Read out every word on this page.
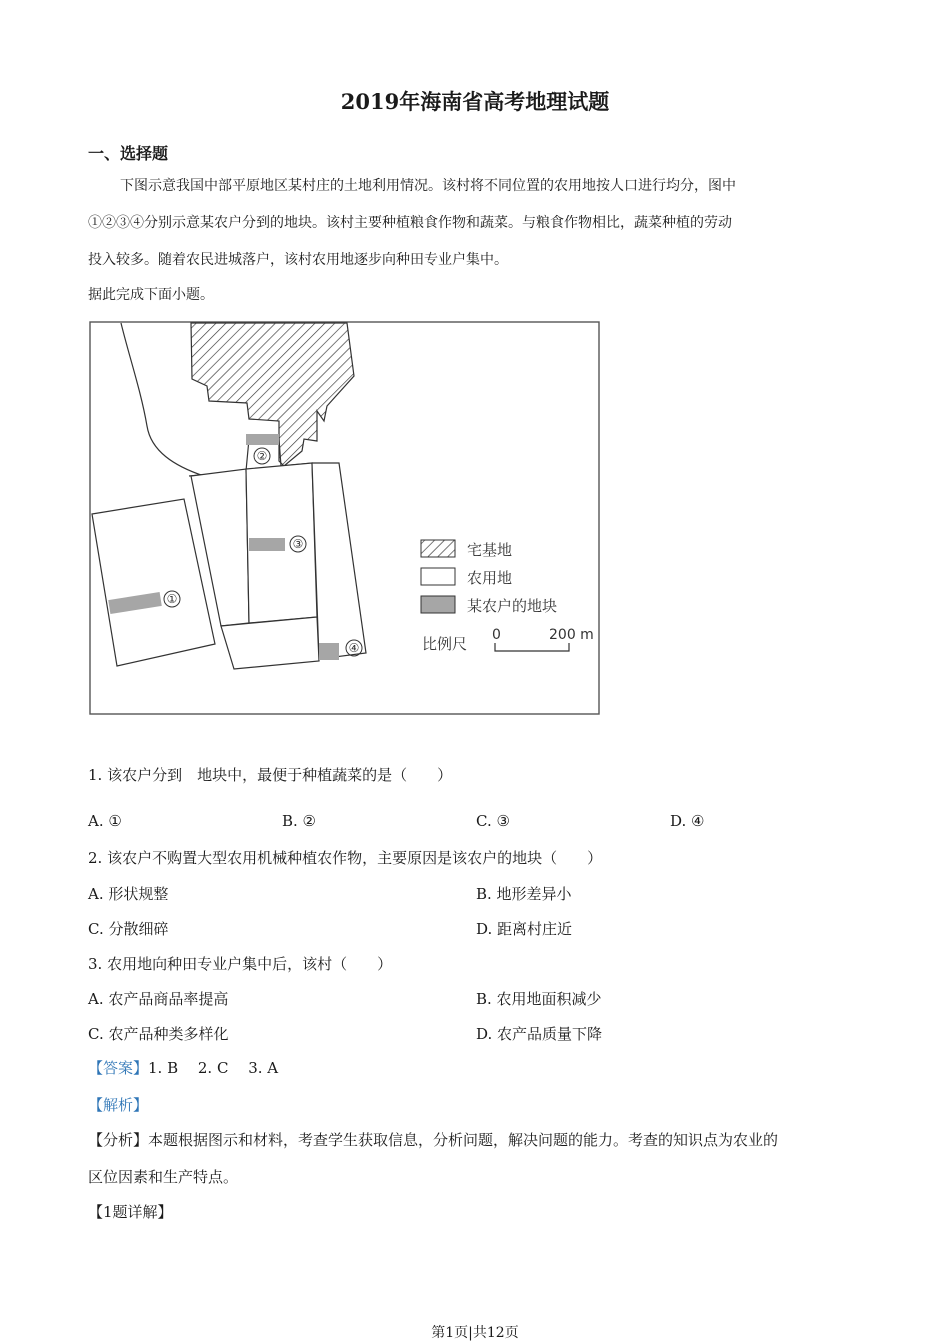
2019年海南省高考地理试题
一、选择题
下图示意我国中部平原地区某村庄的土地利用情况。该村将不同位置的农用地按人口进行均分，图中
①②③④分别示意某农户分到的地块。该村主要种植粮食作物和蔬菜。与粮食作物相比，蔬菜种植的劳动
投入较多。随着农民进城落户，该村农用地逐步向种田专业户集中。
据此完成下面小题。
①
②
③
④
宅基地
农用地
某农户的地块
比例尺 0	200 m
1. 该农户分到　地块中，最便于种植蔬菜的是（　　）
A. ①	B. ②	C. ③	D. ④
2. 该农户不购置大型农用机械种植农作物，主要原因是该农户的地块（　　）
A. 形状规整	B. 地形差异小
C. 分散细碎	D. 距离村庄近
3. 农用地向种田专业户集中后，该村（　　）
A. 农产品商品率提高	B. 农用地面积减少
C. 农产品种类多样化	D. 农产品质量下降
【答案】1. B　 2. C　 3. A
【解析】
【分析】本题根据图示和材料，考查学生获取信息，分析问题，解决问题的能力。考查的知识点为农业的
区位因素和生产特点。
【1题详解】
第1页|共12页
